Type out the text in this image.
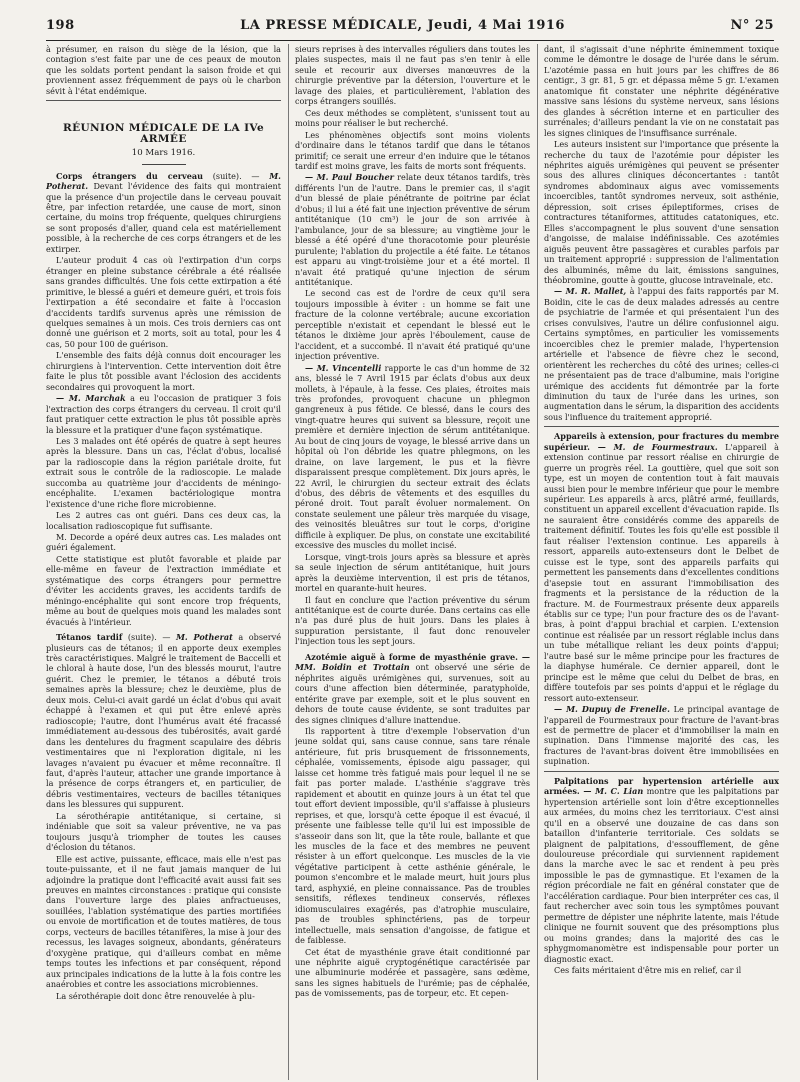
198	LA PRESSE MÉDICALE, Jeudi, 4 Mai 1916	N° 25

à présumer, en raison du siège de la lésion, que la contagion s'est faite par une de ces peaux de mouton que les soldats portent pendant la saison froide et qui proviennent assez fréquemment de pays où le charbon sévit à l'état endémique.

RÉUNION MÉDICALE DE LA IVe ARMÉE
10 Mars 1916.

Corps étrangers du cerveau (suite). — M. Potherat. Devant l'évidence des faits qui montraient que la présence d'un projectile dans le cerveau pouvait être, par infection retardée, une cause de mort, sinon certaine, du moins trop fréquente, quelques chirurgiens se sont proposés d'aller, quand cela est matériellement possible, à la recherche de ces corps étrangers et de les extirper.

L'auteur produit 4 cas où l'extirpation d'un corps étranger en pleine substance cérébrale a été réalisée sans grandes difficultés. Une fois cette extirpation a été primitive, le blessé a guéri et demeure guéri, et trois fois l'extirpation a été secondaire et faite à l'occasion d'accidents tardifs survenus après une rémission de quelques semaines à un mois. Ces trois derniers cas ont donné une guérison et 2 morts, soit au total, pour les 4 cas, 50 pour 100 de guérison.

L'ensemble des faits déjà connus doit encourager les chirurgiens à l'intervention. Cette intervention doit être faite le plus tôt possible avant l'éclosion des accidents secondaires qui provoquent la mort.

— M. Marchak a eu l'occasion de pratiquer 3 fois l'extraction des corps étrangers du cerveau. Il croit qu'il faut pratiquer cette extraction le plus tôt possible après la blessure et la pratiquer d'une façon systématique.

Les 3 malades ont été opérés de quatre à sept heures après la blessure. Dans un cas, l'éclat d'obus, localisé par la radioscopie dans la région pariétale droite, fut extrait sous le contrôle de la radioscopie. Le malade succomba au quatrième jour d'accidents de méningo-encéphalite. L'examen bactériologique montra l'existence d'une riche flore microbienne.

Les 2 autres cas ont guéri. Dans ces deux cas, la localisation radioscopique fut suffisante.

M. Decorde a opéré deux autres cas. Les malades ont guéri également.

Cette statistique est plutôt favorable et plaide par elle-même en faveur de l'extraction immédiate et systématique des corps étrangers pour permettre d'éviter les accidents graves, les accidents tardifs de méningo-encéphalite qui sont encore trop fréquents, même au bout de quelques mois quand les malades sont évacués à l'intérieur.

Tétanos tardif (suite). — M. Potherat a observé plusieurs cas de tétanos; il en apporte deux exemples très caractéristiques. Malgré le traitement de Baccelli et le chloral à haute dose, l'un des blessés mourut, l'autre guérit. Chez le premier, le tétanos a débuté trois semaines après la blessure; chez le deuxième, plus de deux mois. Celui-ci avait gardé un éclat d'obus qui avait échappé à l'examen et qui put être enlevé après radioscopie; l'autre, dont l'humérus avait été fracassé immédiatement au-dessous des tubérosités, avait gardé dans les dentelures du fragment scapulaire des débris vestimentaires que ni l'exploration digitale, ni les lavages n'avaient pu évacuer et même reconnaître. Il faut, d'après l'auteur, attacher une grande importance à la présence de corps étrangers et, en particulier, de débris vestimentaires, vecteurs de bacilles tétaniques dans les blessures qui suppurent.

La sérothérapie antitétanique, si certaine, si indéniable que soit sa valeur préventive, ne va pas toujours jusqu'à triompher de toutes les causes d'éclosion du tétanos.

Elle est active, puissante, efficace, mais elle n'est pas toute-puissante, et il ne faut jamais manquer de lui adjoindre la pratique dont l'efficacité avait aussi fait ses preuves en maintes circonstances : pratique qui consiste dans l'ouverture large des plaies anfractueuses, souillées, l'ablation systématique des parties mortifiées ou envoie de mortification et de toutes matières, de tous corps, vecteurs de bacilles tétanifères, la mise à jour des recessus, les lavages soigneux, abondants, générateurs d'oxygène pratique, qui d'ailleurs combat en même temps toutes les infections et par conséquent, répond aux principales indications de la lutte à la fois contre les anaérobies et contre les associations microbiennes.

La sérothérapie doit donc être renouvelée à plu-

sieurs reprises à des intervalles réguliers dans toutes les plaies suspectes, mais il ne faut pas s'en tenir à elle seule et recourir aux diverses manœuvres de la chirurgie préventive par la détersion, l'ouverture et le lavage des plaies, et particulièrement, l'ablation des corps étrangers souillés.

Ces deux méthodes se complètent, s'unissent tout au moins pour réaliser le but recherché.

Les phénomènes objectifs sont moins violents d'ordinaire dans le tétanos tardif que dans le tétanos primitif; ce serait une erreur d'en induire que le tétanos tardif est moins grave, les faits de morts sont fréquents.

— M. Paul Boucher relate deux tétanos tardifs, très différents l'un de l'autre. Dans le premier cas, il s'agit d'un blessé de plaie pénétrante de poitrine par éclat d'obus; il lui a été fait une injection préventive de sérum antitétanique (10 cm³) le jour de son arrivée à l'ambulance, jour de sa blessure; au vingtième jour le blessé a été opéré d'une thoracotomie pour pleurésie purulente; l'ablation du projectile a été faite. Le tétanos est apparu au vingt-troisième jour et a été mortel. Il n'avait été pratiqué qu'une injection de sérum antitétanique.

Le second cas est de l'ordre de ceux qu'il sera toujours impossible à éviter : un homme se fait une fracture de la colonne vertébrale; aucune excoriation perceptible n'existait et cependant le blessé eut le tétanos le dixième jour après l'éboulement, cause de l'accident, et a succombé. Il n'avait été pratiqué qu'une injection préventive.

— M. Vincentelli rapporte le cas d'un homme de 32 ans, blessé le 7 Avril 1915 par éclats d'obus aux deux mollets, à l'épaule, à la fesse. Ces plaies, étroites mais très profondes, provoquent chacune un phlegmon gangreneux à pus fétide. Ce blessé, dans le cours des vingt-quatre heures qui suivent sa blessure, reçoit une première et dernière injection de sérum antitétanique. Au bout de cinq jours de voyage, le blessé arrive dans un hôpital où l'on débride les quatre phlegmons, on les draine, on lave largement, le pus et la fièvre disparaissent presque complètement. Dix jours après, le 22 Avril, le chirurgien du secteur extrait des éclats d'obus, des débris de vêtements et des esquilles du péroné droit. Tout paraît évoluer normalement. On constate seulement une pâleur très marquée du visage, des veinosités bleuâtres sur tout le corps, d'origine difficile à expliquer. De plus, on constate une excitabilité excessive des muscles du mollet incisé.

Lorsque, vingt-trois jours après sa blessure et après sa seule injection de sérum antitétanique, huit jours après la deuxième intervention, il est pris de tétanos, mortel en quarante-huit heures.

Il faut en conclure que l'action préventive du sérum antitétanique est de courte durée. Dans certains cas elle n'a pas duré plus de huit jours. Dans les plaies à suppuration persistante, il faut donc renouveler l'injection tous les sept jours.

Azotémie aiguë à forme de myasthénie grave. — MM. Boidin et Trottain ont observé une série de néphrites aiguës urémigènes qui, survenues, soit au cours d'une affection bien déterminée, paratyphoïde, entérite grave par exemple, soit et le plus souvent en dehors de toute cause évidente, se sont traduites par des signes cliniques d'allure inattendue.

Ils rapportent à titre d'exemple l'observation d'un jeune soldat qui, sans cause connue, sans tare rénale antérieure, fut pris brusquement de frissonnements, céphalée, vomissements, épisode aigu passager, qui laisse cet homme très fatigué mais pour lequel il ne se fait pas porter malade. L'asthénie s'aggrave très rapidement et aboutit en quinze jours à un état tel que tout effort devient impossible, qu'il s'affaisse à plusieurs reprises, et que, lorsqu'à cette époque il est évacué, il présente une faiblesse telle qu'il lui est impossible de s'asseoir dans son lit, que la tête roule, ballante et que les muscles de la face et des membres ne peuvent résister à un effort quelconque. Les muscles de la vie végétative participent à cette asthénie générale, le poumon s'encombre et le malade meurt, huit jours plus tard, asphyxié, en pleine connaissance. Pas de troubles sensitifs, réflexes tendineux conservés, réflexes idiomusculaires exagérés, pas d'atrophie musculaire, pas de troubles sphinctériens, pas de torpeur intellectuelle, mais sensation d'angoisse, de fatigue et de faiblesse.

Cet état de myasthénie grave était conditionné par une néphrite aiguë cryptogénétique caractérisée par une albuminurie modérée et passagère, sans œdème, sans les signes habituels de l'urémie; pas de céphalée, pas de vomissements, pas de torpeur, etc. Et cepen-

dant, il s'agissait d'une néphrite éminemment toxique comme le démontre le dosage de l'urée dans le sérum. L'azotémie passa en huit jours par les chiffres de 86 centigr., 3 gr. 81, 5 gr. et dépassa même 5 gr. L'examen anatomique fit constater une néphrite dégénérative massive sans lésions du système nerveux, sans lésions des glandes à sécrétion interne et en particulier des surrénales; d'ailleurs pendant la vie on ne constatait pas les signes cliniques de l'insuffisance surrénale.

Les auteurs insistent sur l'importance que présente la recherche du taux de l'azotémie pour dépister les néphrites aiguës urémigènes qui peuvent se présenter sous des allures cliniques déconcertantes : tantôt syndromes abdominaux aigus avec vomissements incoercibles, tantôt syndromes nerveux, soit asthénie, dépression, soit crises épileptiformes, crises de contractures tétaniformes, attitudes catatoniques, etc. Elles s'accompagnent le plus souvent d'une sensation d'angoisse, de malaise indéfinissable. Ces azotémies aiguës peuvent être passagères et curables parfois par un traitement approprié : suppression de l'alimentation des albuminés, même du lait, émissions sanguines, théobromine, goutte à goutte, glucose intraveinale, etc.

— M. R. Mallet, à l'appui des faits rapportés par M. Boidin, cite le cas de deux malades adressés au centre de psychiatrie de l'armée et qui présentaient l'un des crises convulsives, l'autre un délire confusionnel aigu. Certains symptômes, en particulier les vomissements incoercibles chez le premier malade, l'hypertension artérielle et l'absence de fièvre chez le second, orientèrent les recherches du côté des urines; celles-ci ne présentaient pas de trace d'albumine, mais l'origine urémique des accidents fut démontrée par la forte diminution du taux de l'urée dans les urines, son augmentation dans le sérum, la disparition des accidents sous l'influence du traitement approprié.

Appareils à extension, pour fractures du membre supérieur. — M. de Fourmestraux. L'appareil à extension continue par ressort réalise en chirurgie de guerre un progrès réel. La gouttière, quel que soit son type, est un moyen de contention tout à fait mauvais aussi bien pour le membre inférieur que pour le membre supérieur. Les appareils à arcs, plâtré armé, feuillards, constituent un appareil excellent d'évacuation rapide. Ils ne sauraient être considérés comme des appareils de traitement définitif. Toutes les fois qu'elle est possible il faut réaliser l'extension continue. Les appareils à ressort, appareils auto-extenseurs dont le Delbet de cuisse est le type, sont des appareils parfaits qui permettent les pansements dans d'excellentes conditions d'asepsie tout en assurant l'immobilisation des fragments et la persistance de la réduction de la fracture. M. de Fourmestraux présente deux appareils établis sur ce type; l'un pour fracture des os de l'avant-bras, à point d'appui brachial et carpien. L'extension continue est réalisée par un ressort réglable inclus dans un tube métallique reliant les deux points d'appui; l'autre basé sur le même principe pour les fractures de la diaphyse humérale. Ce dernier appareil, dont le principe est le même que celui du Delbet de bras, en diffère toutefois par ses points d'appui et le réglage du ressort auto-extenseur.

— M. Dupuy de Frenelle. Le principal avantage de l'appareil de Fourmestraux pour fracture de l'avant-bras est de permettre de placer et d'immobiliser la main en supination. Dans l'immense majorité des cas, les fractures de l'avant-bras doivent être immobilisées en supination.

Palpitations par hypertension artérielle aux armées. — M. C. Lian montre que les palpitations par hypertension artérielle sont loin d'être exceptionnelles aux armées, du moins chez les territoriaux. C'est ainsi qu'il en a observé une douzaine de cas dans son bataillon d'infanterie territoriale. Ces soldats se plaignent de palpitations, d'essoufflement, de gêne douloureuse précordiale qui surviennent rapidement dans la marche avec le sac et rendent à peu près impossible le pas de gymnastique. Et l'examen de la région précordiale ne fait en général constater que de l'accélération cardiaque. Pour bien interpréter ces cas, il faut rechercher avec soin tous les symptômes pouvant permettre de dépister une néphrite latente, mais l'étude clinique ne fournit souvent que des présomptions plus ou moins grandes; dans la majorité des cas le sphygmomanomètre est indispensable pour porter un diagnostic exact.

Ces faits méritaient d'être mis en relief, car il
